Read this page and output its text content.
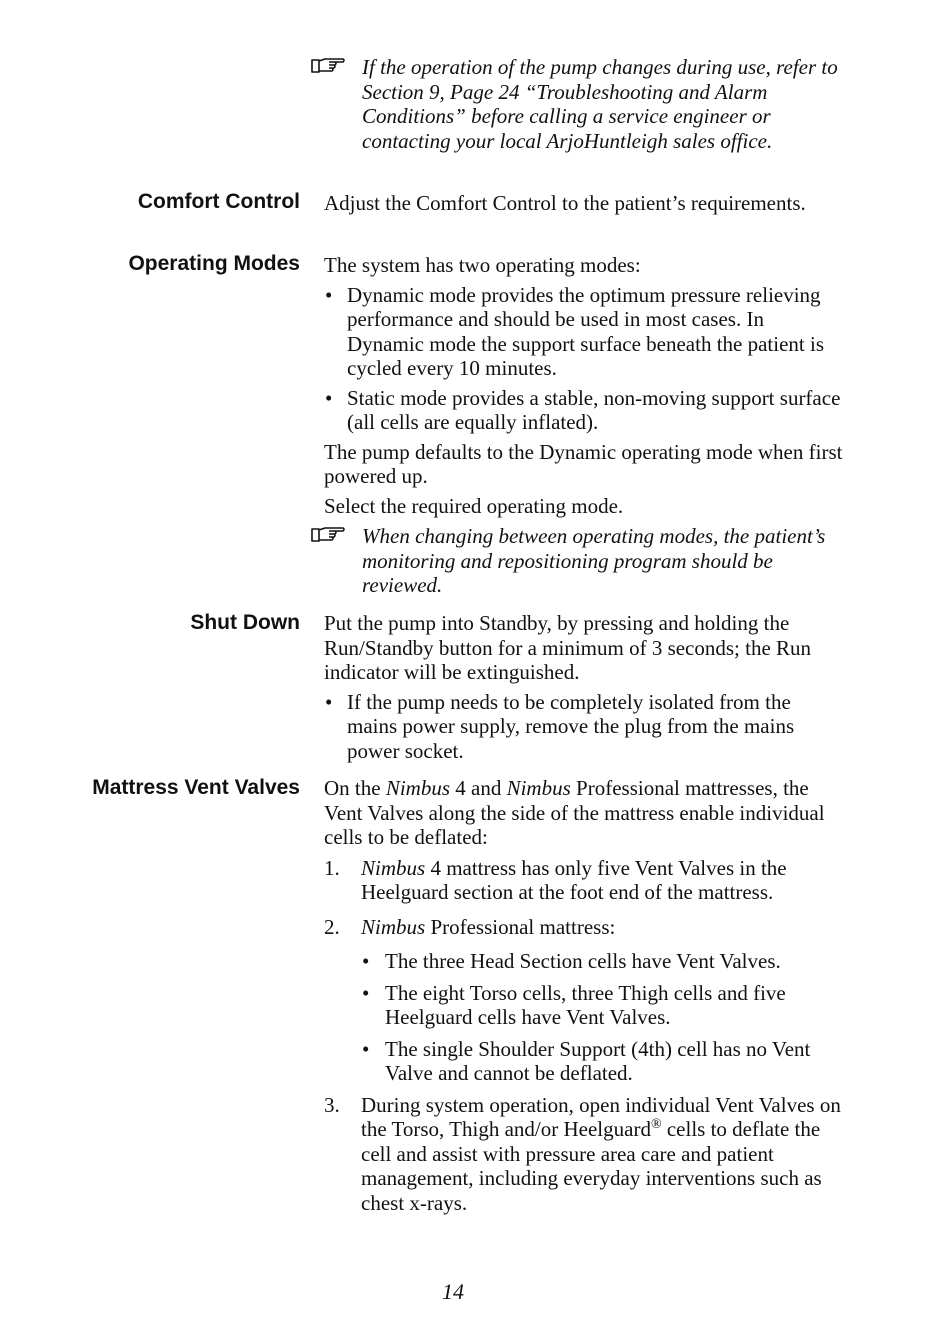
If the operation of the pump changes during use, refer to Section 9, Page 24 “Troubleshooting and Alarm Conditions” before calling a service engineer or contacting your local ArjoHuntleigh sales office.

Comfort Control Adjust the Comfort Control to the patient’s requirements.

Operating Modes The system has two operating modes:

• Dynamic mode provides the optimum pressure relieving performance and should be used in most cases. In Dynamic mode the support surface beneath the patient is cycled every 10 minutes.

• Static mode provides a stable, non-moving support surface (all cells are equally inflated).

The pump defaults to the Dynamic operating mode when first powered up.

Select the required operating mode.

When changing between operating modes, the patient’s monitoring and repositioning program should be reviewed.

Shut Down Put the pump into Standby, by pressing and holding the Run/Standby button for a minimum of 3 seconds; the Run indicator will be extinguished.

• If the pump needs to be completely isolated from the mains power supply, remove the plug from the mains power socket.

Mattress Vent Valves On the Nimbus 4 and Nimbus Professional mattresses, the Vent Valves along the side of the mattress enable individual cells to be deflated:

1. Nimbus 4 mattress has only five Vent Valves in the Heelguard section at the foot end of the mattress.

2. Nimbus Professional mattress:

• The three Head Section cells have Vent Valves.

• The eight Torso cells, three Thigh cells and five Heelguard cells have Vent Valves.

• The single Shoulder Support (4th) cell has no Vent Valve and cannot be deflated.

3. During system operation, open individual Vent Valves on the Torso, Thigh and/or Heelguard® cells to deflate the cell and assist with pressure area care and patient management, including everyday interventions such as chest x-rays.

14
